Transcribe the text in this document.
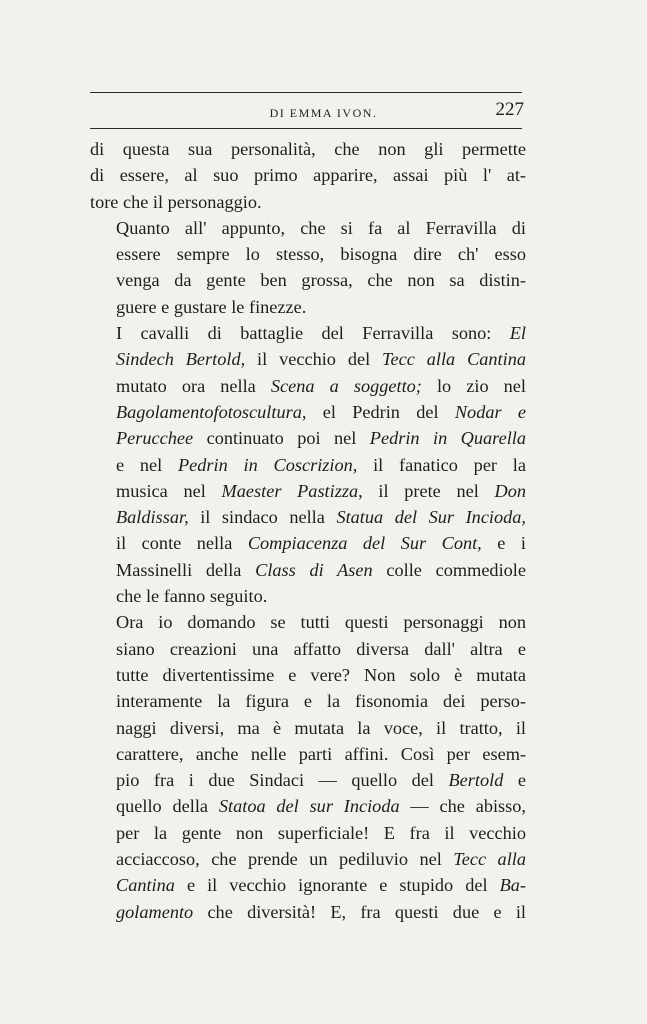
DI EMMA IVON.	227

di questa sua personalità, che non gli permette
di essere, al suo primo apparire, assai più l' at-
tore che il personaggio.

Quanto all' appunto, che si fa al Ferravilla di
essere sempre lo stesso, bisogna dire ch' esso
venga da gente ben grossa, che non sa distin-
guere e gustare le finezze.

I cavalli di battaglie del Ferravilla sono: El
Sindech Bertold, il vecchio del Tecc alla Cantina
mutato ora nella Scena a soggetto; lo zio nel
Bagolamentofotoscultura, el Pedrin del Nodar e
Perucchee continuato poi nel Pedrin in Quarella
e nel Pedrin in Coscrizion, il fanatico per la
musica nel Maester Pastizza, il prete nel Don
Baldissar, il sindaco nella Statua del Sur Incioda,
il conte nella Compiacenza del Sur Cont, e i
Massinelli della Class di Asen colle commediole
che le fanno seguito.

Ora io domando se tutti questi personaggi non
siano creazioni una affatto diversa dall' altra e
tutte divertentissime e vere? Non solo è mutata
interamente la figura e la fisonomia dei perso-
naggi diversi, ma è mutata la voce, il tratto, il
carattere, anche nelle parti affini. Così per esem-
pio fra i due Sindaci — quello del Bertold e
quello della Statoa del sur Incioda — che abisso,
per la gente non superficiale! E fra il vecchio
acciaccoso, che prende un pediluvio nel Tecc alla
Cantina e il vecchio ignorante e stupido del Ba-
golamento che diversità! E, fra questi due e il
